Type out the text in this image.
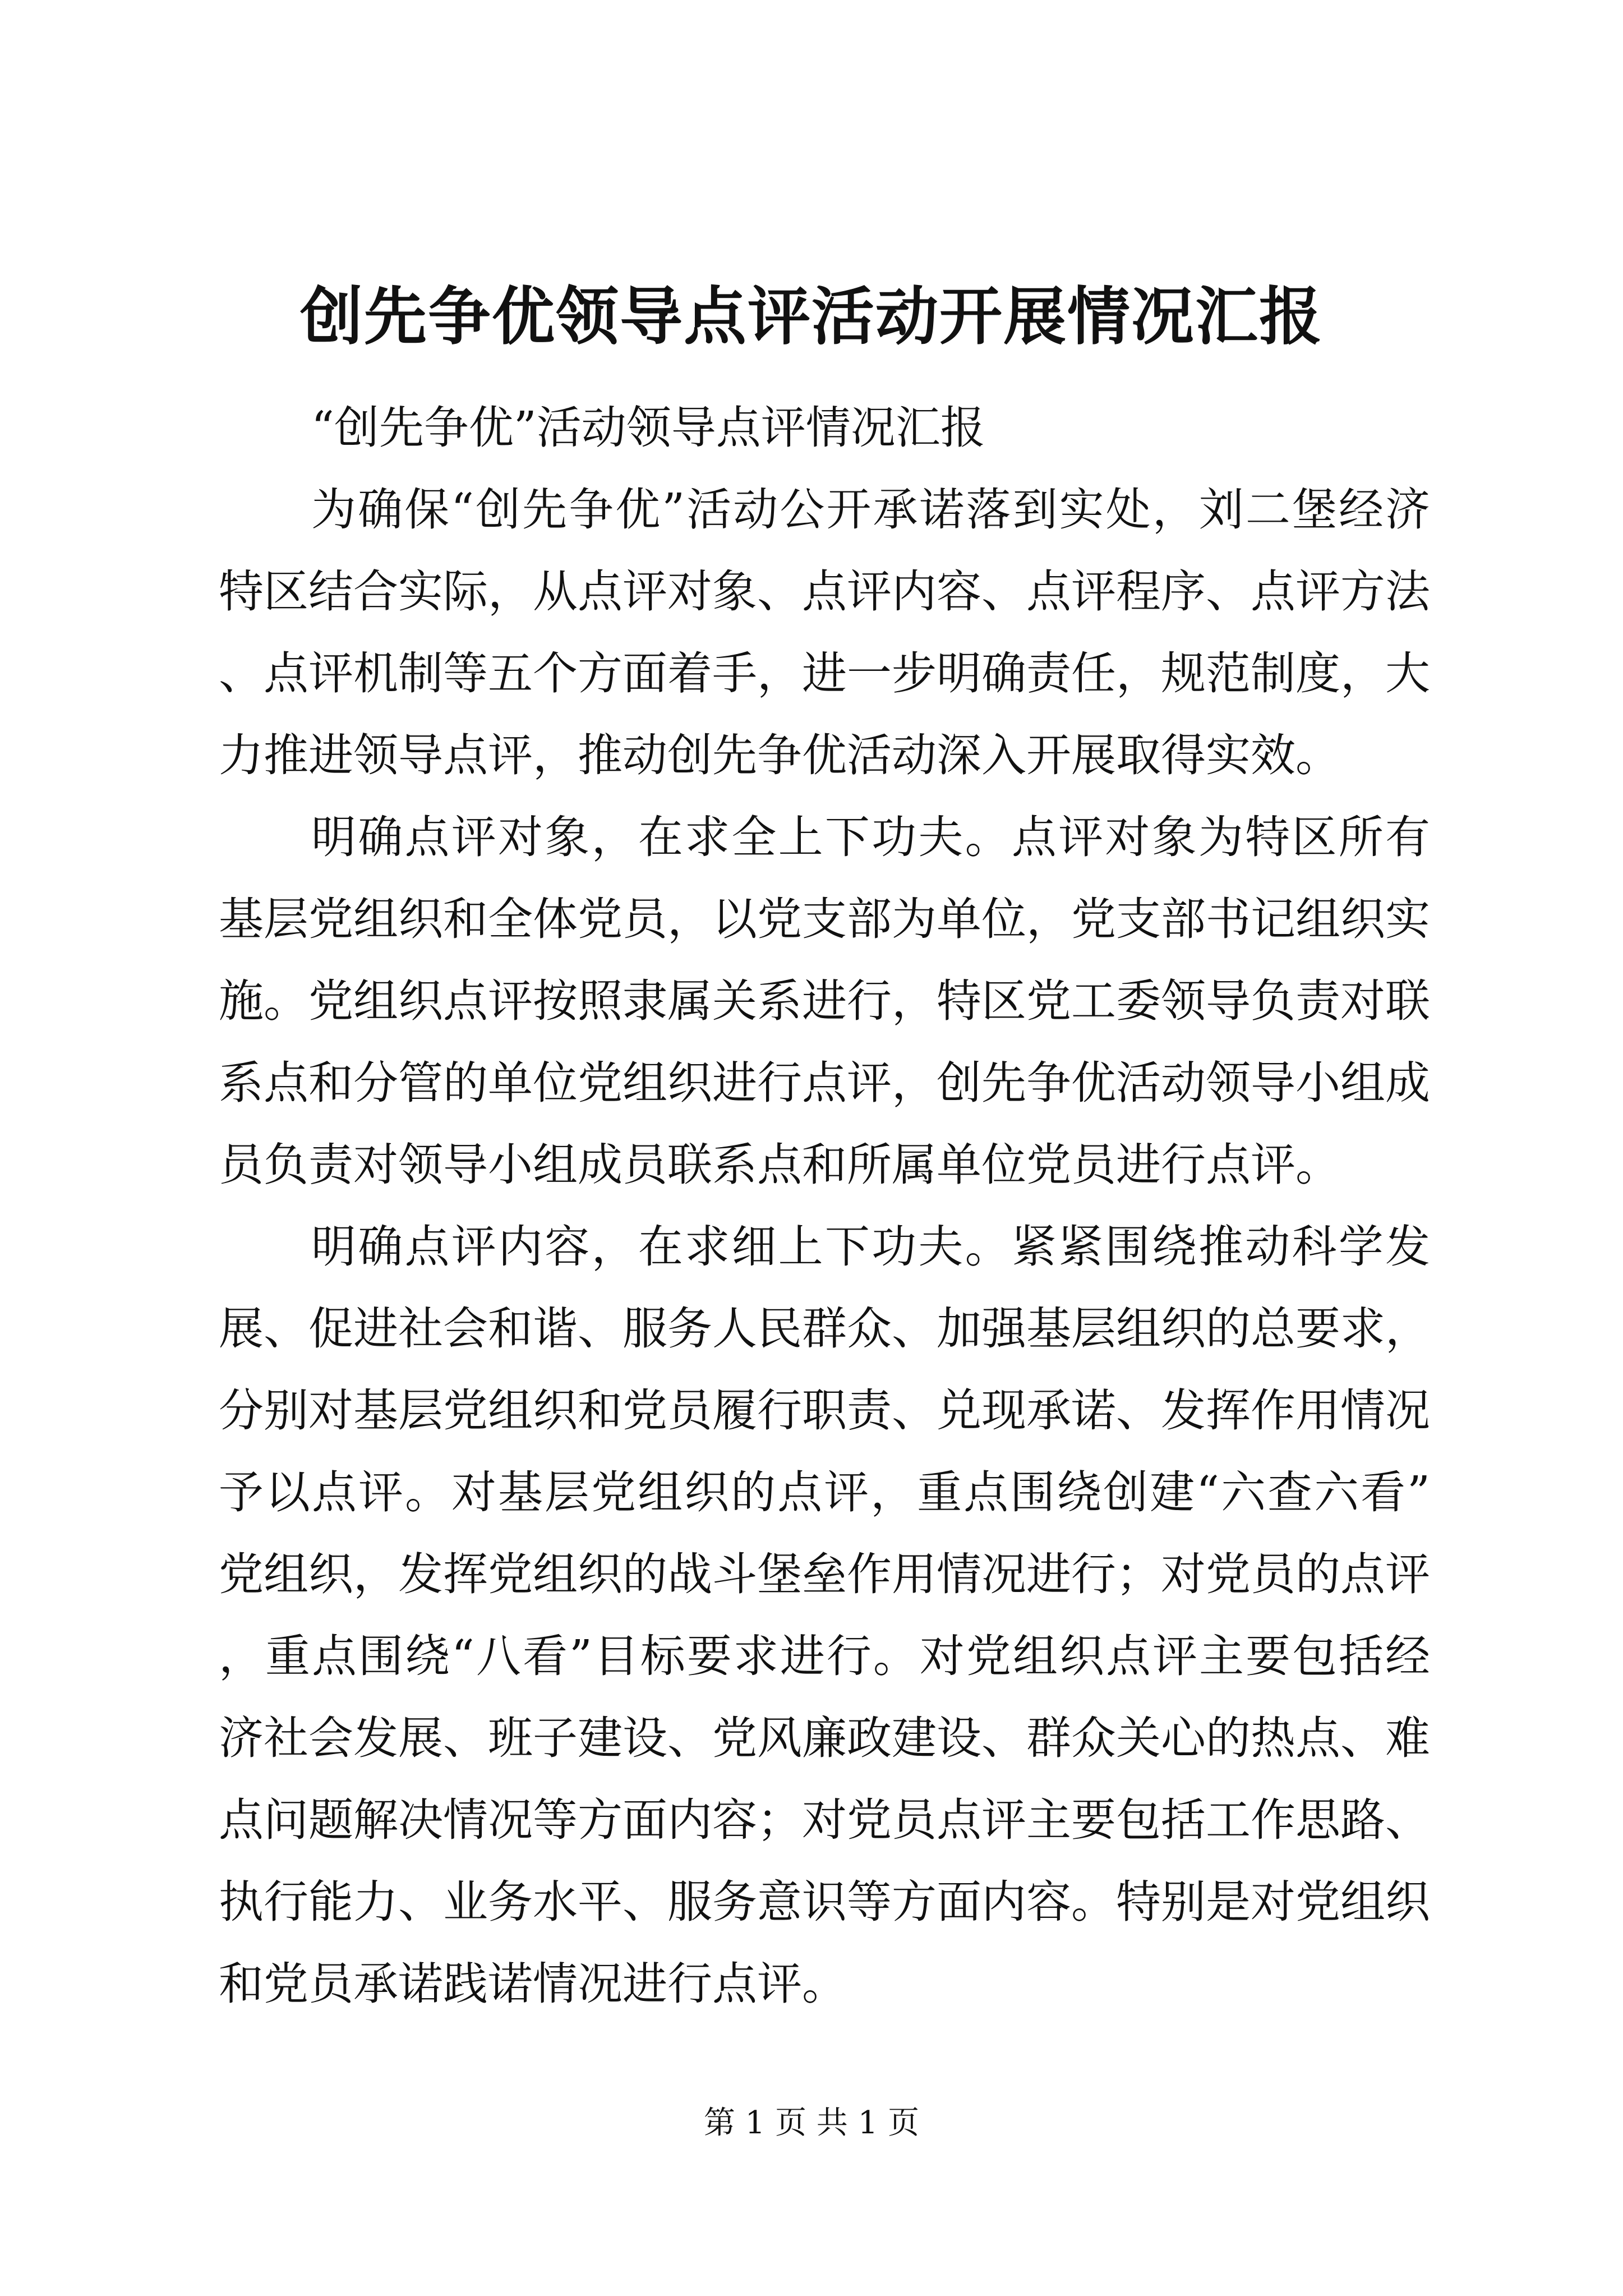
创先争优领导点评活动开展情况汇报

“创先争优”活动领导点评情况汇报

为确保“创先争优”活动公开承诺落到实处，刘二堡经济特区结合实际，从点评对象、点评内容、点评程序、点评方法、点评机制等五个方面着手，进一步明确责任，规范制度，大力推进领导点评，推动创先争优活动深入开展取得实效。

明确点评对象，在求全上下功夫。点评对象为特区所有基层党组织和全体党员，以党支部为单位，党支部书记组织实施。党组织点评按照隶属关系进行，特区党工委领导负责对联系点和分管的单位党组织进行点评，创先争优活动领导小组成员负责对领导小组成员联系点和所属单位党员进行点评。

明确点评内容，在求细上下功夫。紧紧围绕推动科学发展、促进社会和谐、服务人民群众、加强基层组织的总要求，分别对基层党组织和党员履行职责、兑现承诺、发挥作用情况予以点评。对基层党组织的点评，重点围绕创建“六查六看”党组织，发挥党组织的战斗堡垒作用情况进行；对党员的点评，重点围绕“八看”目标要求进行。对党组织点评主要包括经济社会发展、班子建设、党风廉政建设、群众关心的热点、难点问题解决情况等方面内容；对党员点评主要包括工作思路、执行能力、业务水平、服务意识等方面内容。特别是对党组织和党员承诺践诺情况进行点评。

第 1 页 共 1 页
